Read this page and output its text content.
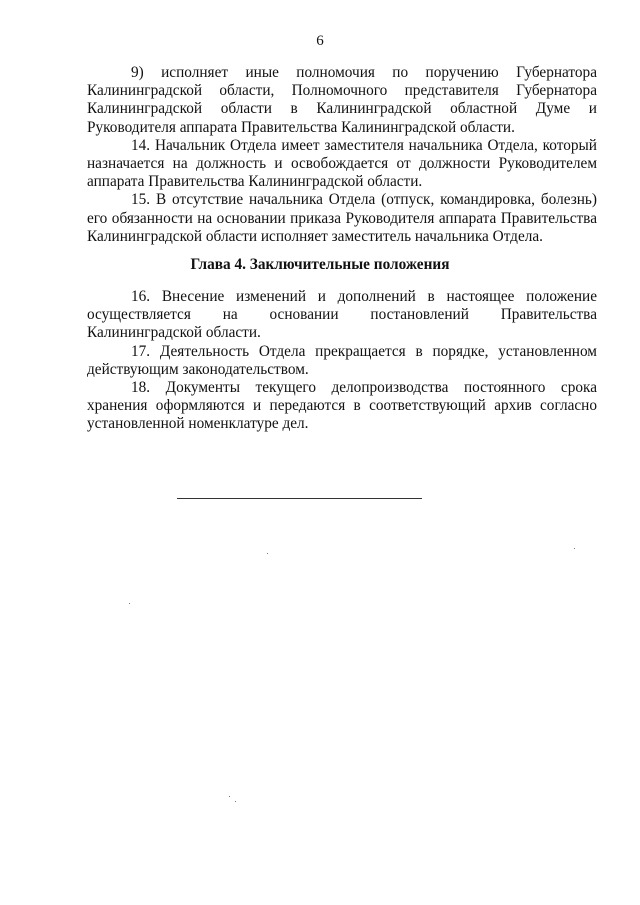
6

9) исполняет иные полномочия по поручению Губернатора Калининградской области, Полномочного представителя Губернатора Калининградской области в Калининградской областной Думе и Руководителя аппарата Правительства Калининградской области.

14. Начальник Отдела имеет заместителя начальника Отдела, который назначается на должность и освобождается от должности Руководителем аппарата Правительства Калининградской области.

15. В отсутствие начальника Отдела (отпуск, командировка, болезнь) его обязанности на основании приказа Руководителя аппарата Правительства Калининградской области исполняет заместитель начальника Отдела.

Глава 4. Заключительные положения

16. Внесение изменений и дополнений в настоящее положение осуществляется на основании постановлений Правительства Калининградской области.

17. Деятельность Отдела прекращается в порядке, установленном действующим законодательством.

18. Документы текущего делопроизводства постоянного срока хранения оформляются и передаются в соответствующий архив согласно установленной номенклатуре дел.
